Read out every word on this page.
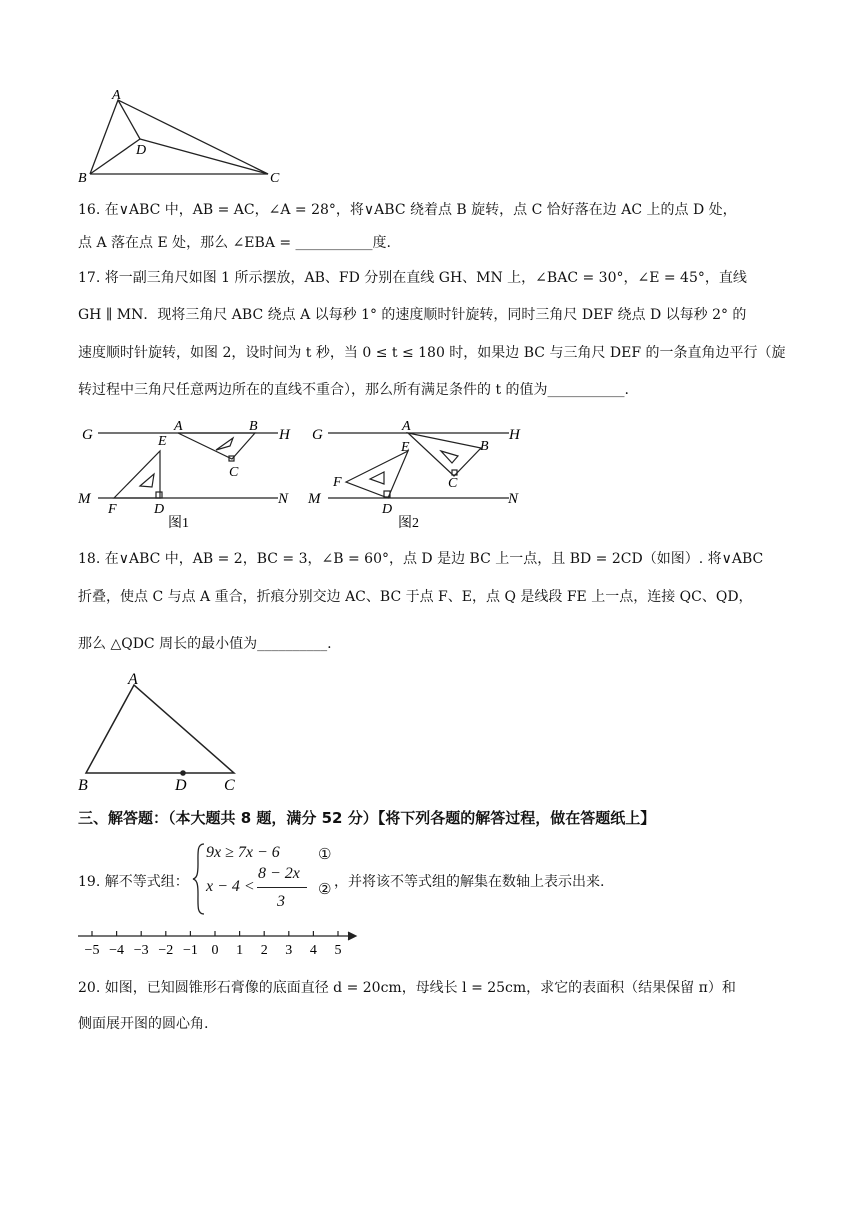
A
D
B	C
16. 在∨ABC 中，AB = AC，∠A = 28°，将∨ABC 绕着点 B 旋转，点 C 恰好落在边 AC 上的点 D 处，
点 A 落在点 E 处，那么 ∠EBA = ___________度.
17. 将一副三角尺如图 1 所示摆放，AB、FD 分别在直线 GH、MN 上，∠BAC = 30°，∠E = 45°，直线
GH ∥ MN．现将三角尺 ABC 绕点 A 以每秒 1° 的速度顺时针旋转，同时三角尺 DEF 绕点 D 以每秒 2° 的
速度顺时针旋转，如图 2，设时间为 t 秒，当 0 ≤ t ≤ 180 时，如果边 BC 与三角尺 DEF 的一条直角边平行（旋
转过程中三角尺任意两边所在的直线不重合），那么所有满足条件的 t 的值为___________.
G	H
M	N
A	B
C
E
F	D
图1
G	H
M	N
A
B
C
E
F
D
图2
18. 在∨ABC 中，AB = 2，BC = 3，∠B = 60°，点 D 是边 BC 上一点，且 BD = 2CD（如图）. 将∨ABC
折叠，使点 C 与点 A 重合，折痕分别交边 AC、BC 于点 F、E，点 Q 是线段 FE 上一点，连接 QC、QD，
那么 △QDC 周长的最小值为__________.
A
B	D C
三、解答题：（本大题共 8 题，满分 52 分）【将下列各题的解答过程，做在答题纸上】
19. 解不等式组：
9x ≥ 7x − 6	①
x − 4 <
8 − 2x
3
② ，并将该不等式组的解集在数轴上表示出来.
−5 −4 −3 −2 −1 0 1 2 3 4 5
20. 如图，已知圆锥形石膏像的底面直径 d = 20cm，母线长 l = 25cm，求它的表面积（结果保留 π）和
侧面展开图的圆心角.
